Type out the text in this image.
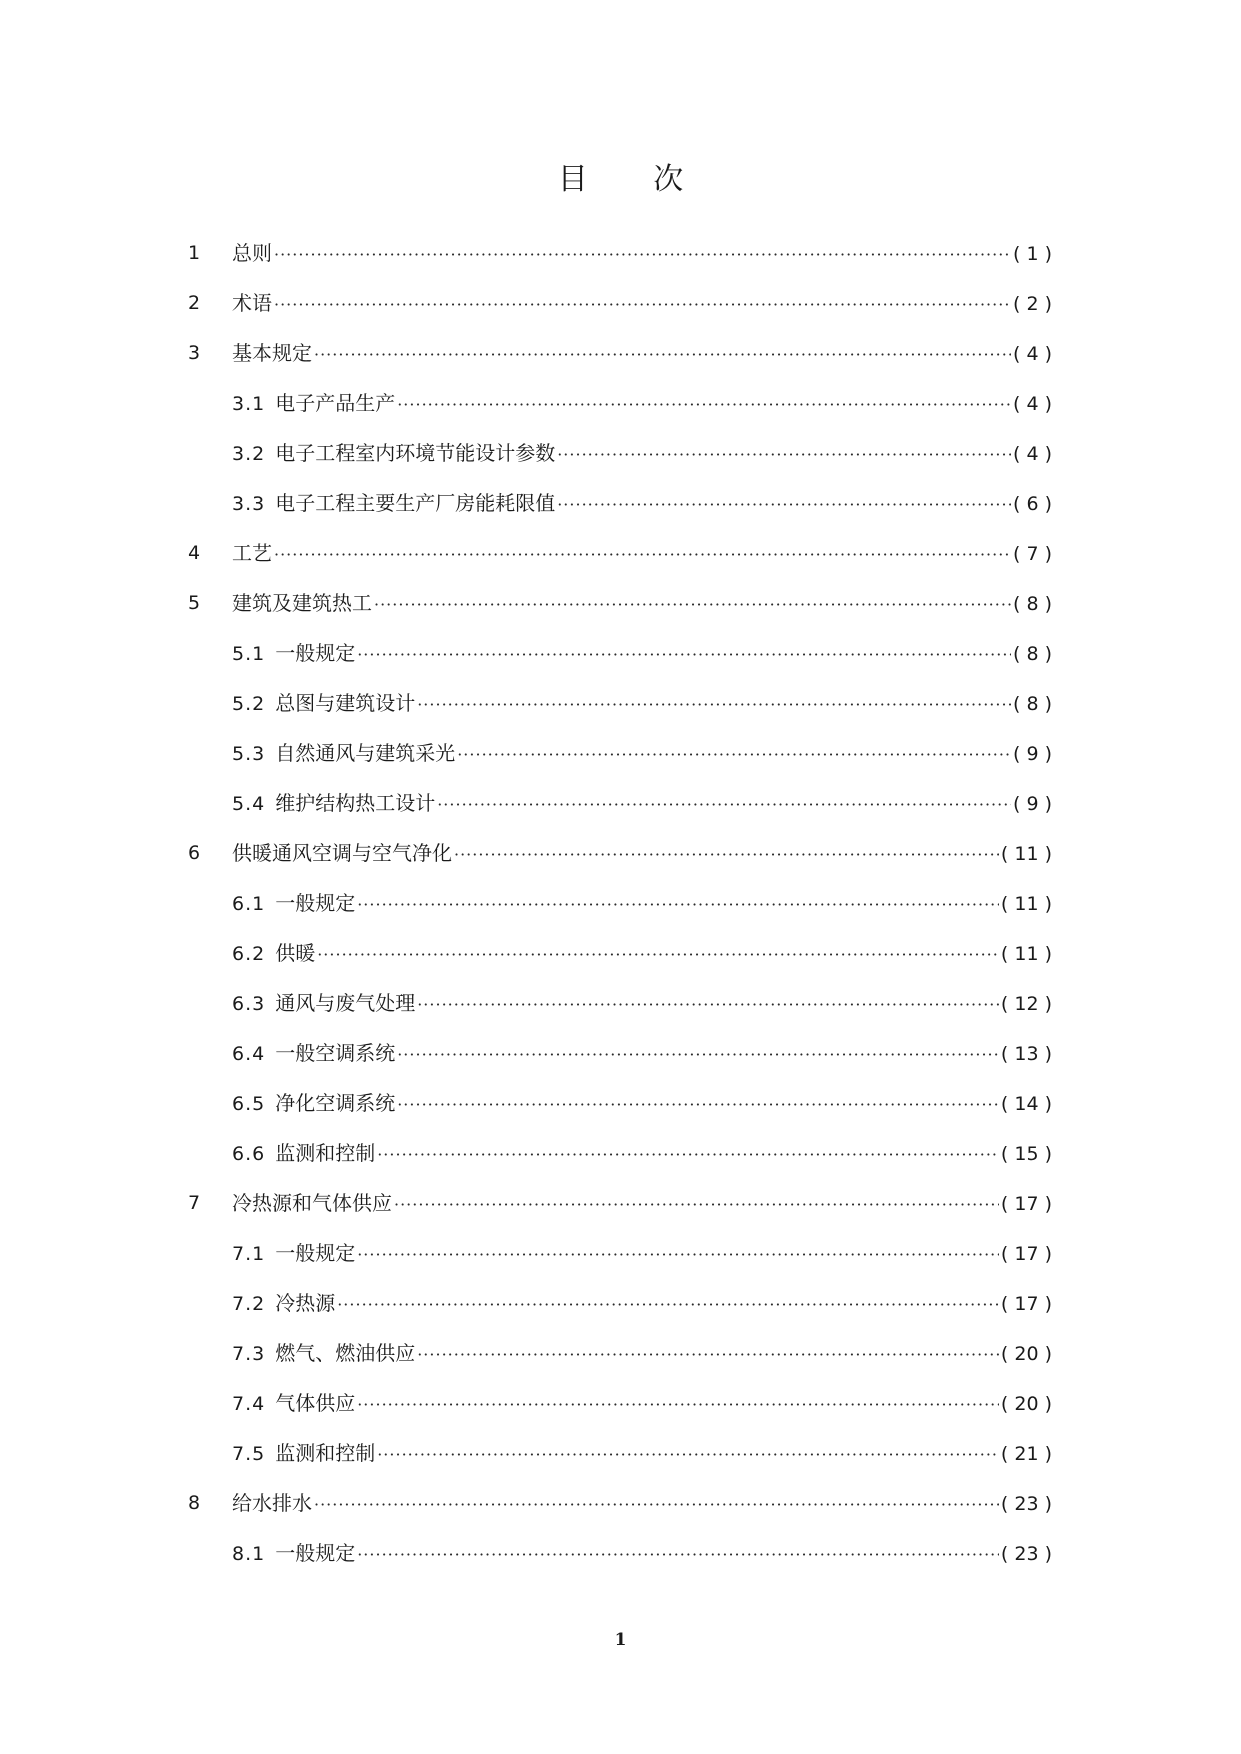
目 次
1 总则 ·····	( 1 )
2 术语 ·····	( 2 )
3 基本规定 ·····	( 4 )
3.1 电子产品生产 ·····	( 4 )
3.2 电子工程室内环境节能设计参数 ·····	( 4 )
3.3 电子工程主要生产厂房能耗限值 ·····	( 6 )
4 工艺 ·····	( 7 )
5 建筑及建筑热工 ·····	( 8 )
5.1 一般规定 ·····	( 8 )
5.2 总图与建筑设计 ·····	( 8 )
5.3 自然通风与建筑采光 ·····	( 9 )
5.4 维护结构热工设计 ·····	( 9 )
6 供暖通风空调与空气净化 ·····	( 11 )
6.1 一般规定 ·····	( 11 )
6.2 供暖 ·····	( 11 )
6.3 通风与废气处理 ·····	( 12 )
6.4 一般空调系统 ·····	( 13 )
6.5 净化空调系统 ·····	( 14 )
6.6 监测和控制 ·····	( 15 )
7 冷热源和气体供应 ·····	( 17 )
7.1 一般规定 ·····	( 17 )
7.2 冷热源 ·····	( 17 )
7.3 燃气、燃油供应 ·····	( 20 )
7.4 气体供应 ·····	( 20 )
7.5 监测和控制 ·····	( 21 )
8 给水排水 ·····	( 23 )
8.1 一般规定 ·····	( 23 )
1
